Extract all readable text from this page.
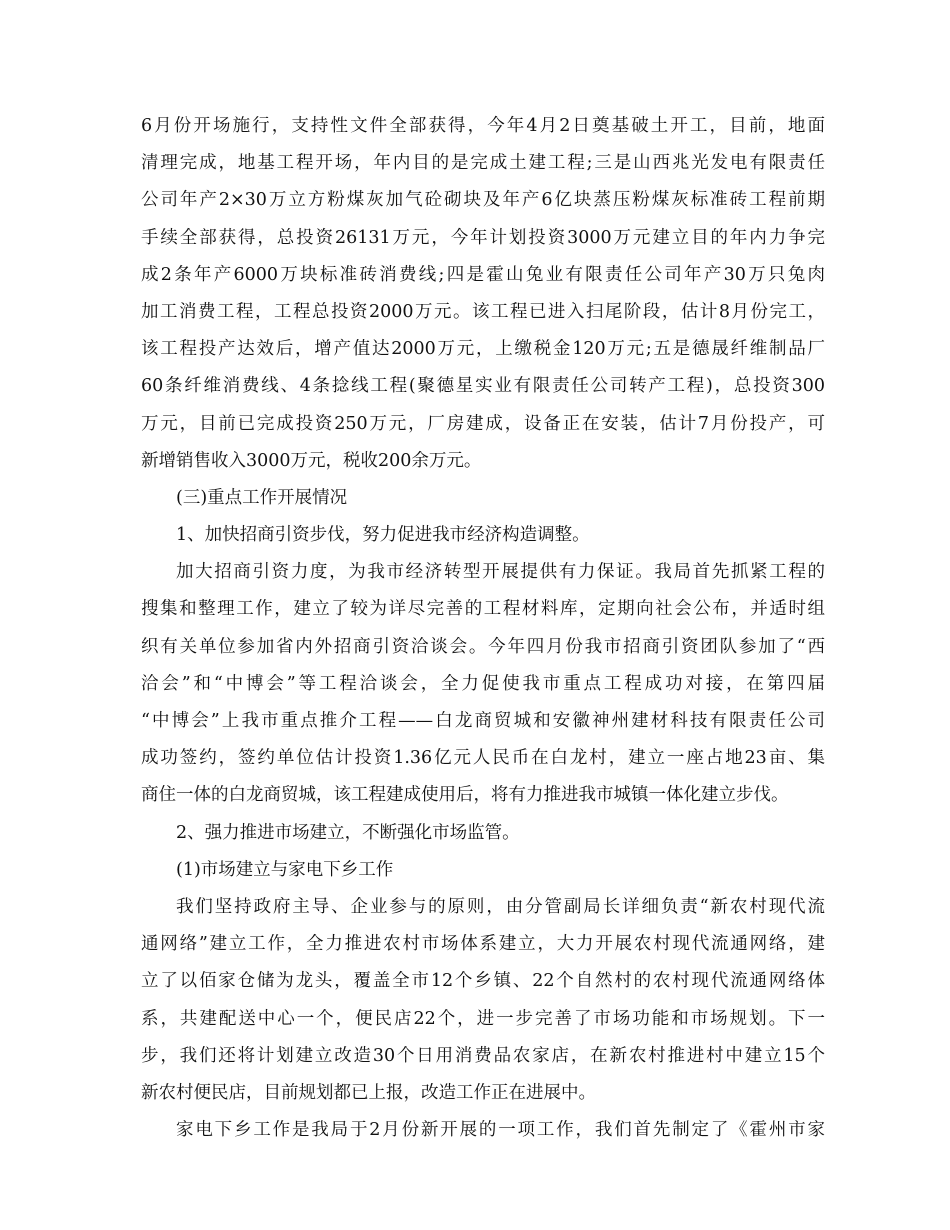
6月份开场施行，支持性文件全部获得，今年4月2日奠基破土开工，目前，地面
清理完成，地基工程开场，年内目的是完成土建工程;三是山西兆光发电有限责任
公司年产2×30万立方粉煤灰加气砼砌块及年产6亿块蒸压粉煤灰标准砖工程前期
手续全部获得，总投资26131万元，今年计划投资3000万元建立目的年内力争完
成2条年产6000万块标准砖消费线;四是霍山兔业有限责任公司年产30万只兔肉
加工消费工程，工程总投资2000万元。该工程已进入扫尾阶段，估计8月份完工，
该工程投产达效后，增产值达2000万元，上缴税金120万元;五是德晟纤维制品厂
60条纤维消费线、4条捻线工程(聚德星实业有限责任公司转产工程)，总投资300
万元，目前已完成投资250万元，厂房建成，设备正在安装，估计7月份投产，可
新增销售收入3000万元，税收200余万元。
(三)重点工作开展情况
1、加快招商引资步伐，努力促进我市经济构造调整。
加大招商引资力度，为我市经济转型开展提供有力保证。我局首先抓紧工程的
搜集和整理工作，建立了较为详尽完善的工程材料库，定期向社会公布，并适时组
织有关单位参加省内外招商引资洽谈会。今年四月份我市招商引资团队参加了“西
洽会”和“中博会”等工程洽谈会，全力促使我市重点工程成功对接，在第四届
“中博会”上我市重点推介工程——白龙商贸城和安徽神州建材科技有限责任公司
成功签约，签约单位估计投资1.36亿元人民币在白龙村，建立一座占地23亩、集
商住一体的白龙商贸城，该工程建成使用后，将有力推进我市城镇一体化建立步伐。
2、强力推进市场建立，不断强化市场监管。
(1)市场建立与家电下乡工作
我们坚持政府主导、企业参与的原则，由分管副局长详细负责“新农村现代流
通网络”建立工作，全力推进农村市场体系建立，大力开展农村现代流通网络，建
立了以佰家仓储为龙头，覆盖全市12个乡镇、22个自然村的农村现代流通网络体
系，共建配送中心一个，便民店22个，进一步完善了市场功能和市场规划。下一
步，我们还将计划建立改造30个日用消费品农家店，在新农村推进村中建立15个
新农村便民店，目前规划都已上报，改造工作正在进展中。
家电下乡工作是我局于2月份新开展的一项工作，我们首先制定了《霍州市家
